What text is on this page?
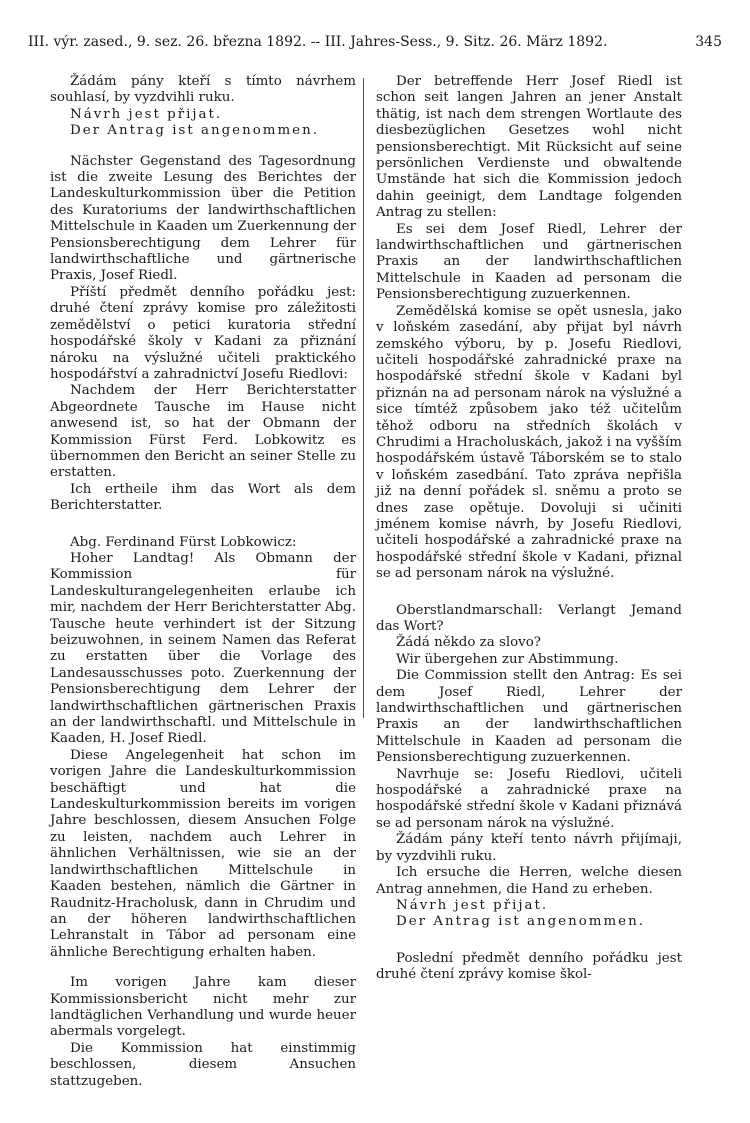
III. výr. zased., 9. sez. 26. března 1892. -- III. Jahres-Sess., 9. Sitz. 26. März 1892.	345

Žádám pány kteří s tímto návrhem souhlasí, by vyzdvihli ruku.

Návrh jest přijat.

Der Antrag ist angenommen.

Nächster Gegenstand des Tagesordnung ist die zweite Lesung des Berichtes der Landeskulturkommission über die Petition des Kuratoriums der landwirthschaftlichen Mittelschule in Kaaden um Zuerkennung der Pensionsberechtigung dem Lehrer für landwirthschaftliche und gärtnerische Praxis, Josef Riedl.

Příští předmět denního pořádku jest: druhé čtení zprávy komise pro záležitosti zemědělství o petici kuratoria střední hospodářské školy v Kadani za přiznání nároku na výslužné učiteli praktického hospodářství a zahradnictví Josefu Riedlovi:

Nachdem der Herr Berichterstatter Abgeordnete Tausche im Hause nicht anwesend ist, so hat der Obmann der Kommission Fürst Ferd. Lobkowitz es übernommen den Bericht an seiner Stelle zu erstatten.

Ich ertheile ihm das Wort als dem Berichterstatter.

Abg. Ferdinand Fürst Lobkowicz:

Hoher Landtag! Als Obmann der Kommission für Landeskulturangelegenheiten erlaube ich mir, nachdem der Herr Berichterstatter Abg. Tausche heute verhindert ist der Sitzung beizuwohnen, in seinem Namen das Referat zu erstatten über die Vorlage des Landesausschusses poto. Zuerkennung der Pensionsberechtigung dem Lehrer der landwirthschaftlichen gärtnerischen Praxis an der landwirthschaftl. und Mittelschule in Kaaden, H. Josef Riedl.

Diese Angelegenheit hat schon im vorigen Jahre die Landeskulturkommission beschäftigt und hat die Landeskulturkommission bereits im vorigen Jahre beschlossen, diesem Ansuchen Folge zu leisten, nachdem auch Lehrer in ähnlichen Verhältnissen, wie sie an der landwirthschaftlichen Mittelschule in Kaaden bestehen, nämlich die Gärtner in Raudnitz-Hracholusk, dann in Chrudim und an der höheren landwirthschaftlichen Lehranstalt in Tábor ad personam eine ähnliche Berechtigung erhalten haben.

Im vorigen Jahre kam dieser Kommissionsbericht nicht mehr zur landtäglichen Verhandlung und wurde heuer abermals vorgelegt.

Die Kommission hat einstimmig beschlossen, diesem Ansuchen stattzugeben.

Der betreffende Herr Josef Riedl ist schon seit langen Jahren an jener Anstalt thätig, ist nach dem strengen Wortlaute des diesbezüglichen Gesetzes wohl nicht pensionsberechtigt. Mit Rücksicht auf seine persönlichen Verdienste und obwaltende Umstände hat sich die Kommission jedoch dahin geeinigt, dem Landtage folgenden Antrag zu stellen:

Es sei dem Josef Riedl, Lehrer der landwirthschaftlichen und gärtnerischen Praxis an der landwirthschaftlichen Mittelschule in Kaaden ad personam die Pensionsberechtigung zuzuerkennen.

Zemědělská komise se opět usnesla, jako v loňském zasedání, aby přijat byl návrh zemského výboru, by p. Josefu Riedlovi, učiteli hospodářské zahradnické praxe na hospodářské střední škole v Kadani byl přiznán na ad personam nárok na výslužné a sice tímtéž způsobem jako též učitelům těhož odboru na středních školách v Chrudimi a Hracholuskách, jakož i na vyšším hospodářském ústavě Táborském se to stalo v loňském zasedbání. Tato zpráva nepřišla již na denní pořádek sl. sněmu a proto se dnes zase opětuje. Dovoluji si učiniti jménem komise návrh, by Josefu Riedlovi, učiteli hospodářské a zahradnické praxe na hospodářské střední škole v Kadani, přiznal se ad personam nárok na výslužné.

Oberstlandmarschall: Verlangt Jemand das Wort?

Žádá někdo za slovo?

Wir übergehen zur Abstimmung.

Die Commission stellt den Antrag: Es sei dem Josef Riedl, Lehrer der landwirthschaftlichen und gärtnerischen Praxis an der landwirthschaftlichen Mittelschule in Kaaden ad personam die Pensionsberechtigung zuzuerkennen.

Navrhuje se: Josefu Riedlovi, učiteli hospodářské a zahradnické praxe na hospodářské střední škole v Kadani přiznává se ad personam nárok na výslužné.

Žádám pány kteří tento návrh přijímaji, by vyzdvihli ruku.

Ich ersuche die Herren, welche diesen Antrag annehmen, die Hand zu erheben.

Návrh jest přijat.

Der Antrag ist angenommen.

Poslední předmět denního pořádku jest druhé čtení zprávy komise škol-
